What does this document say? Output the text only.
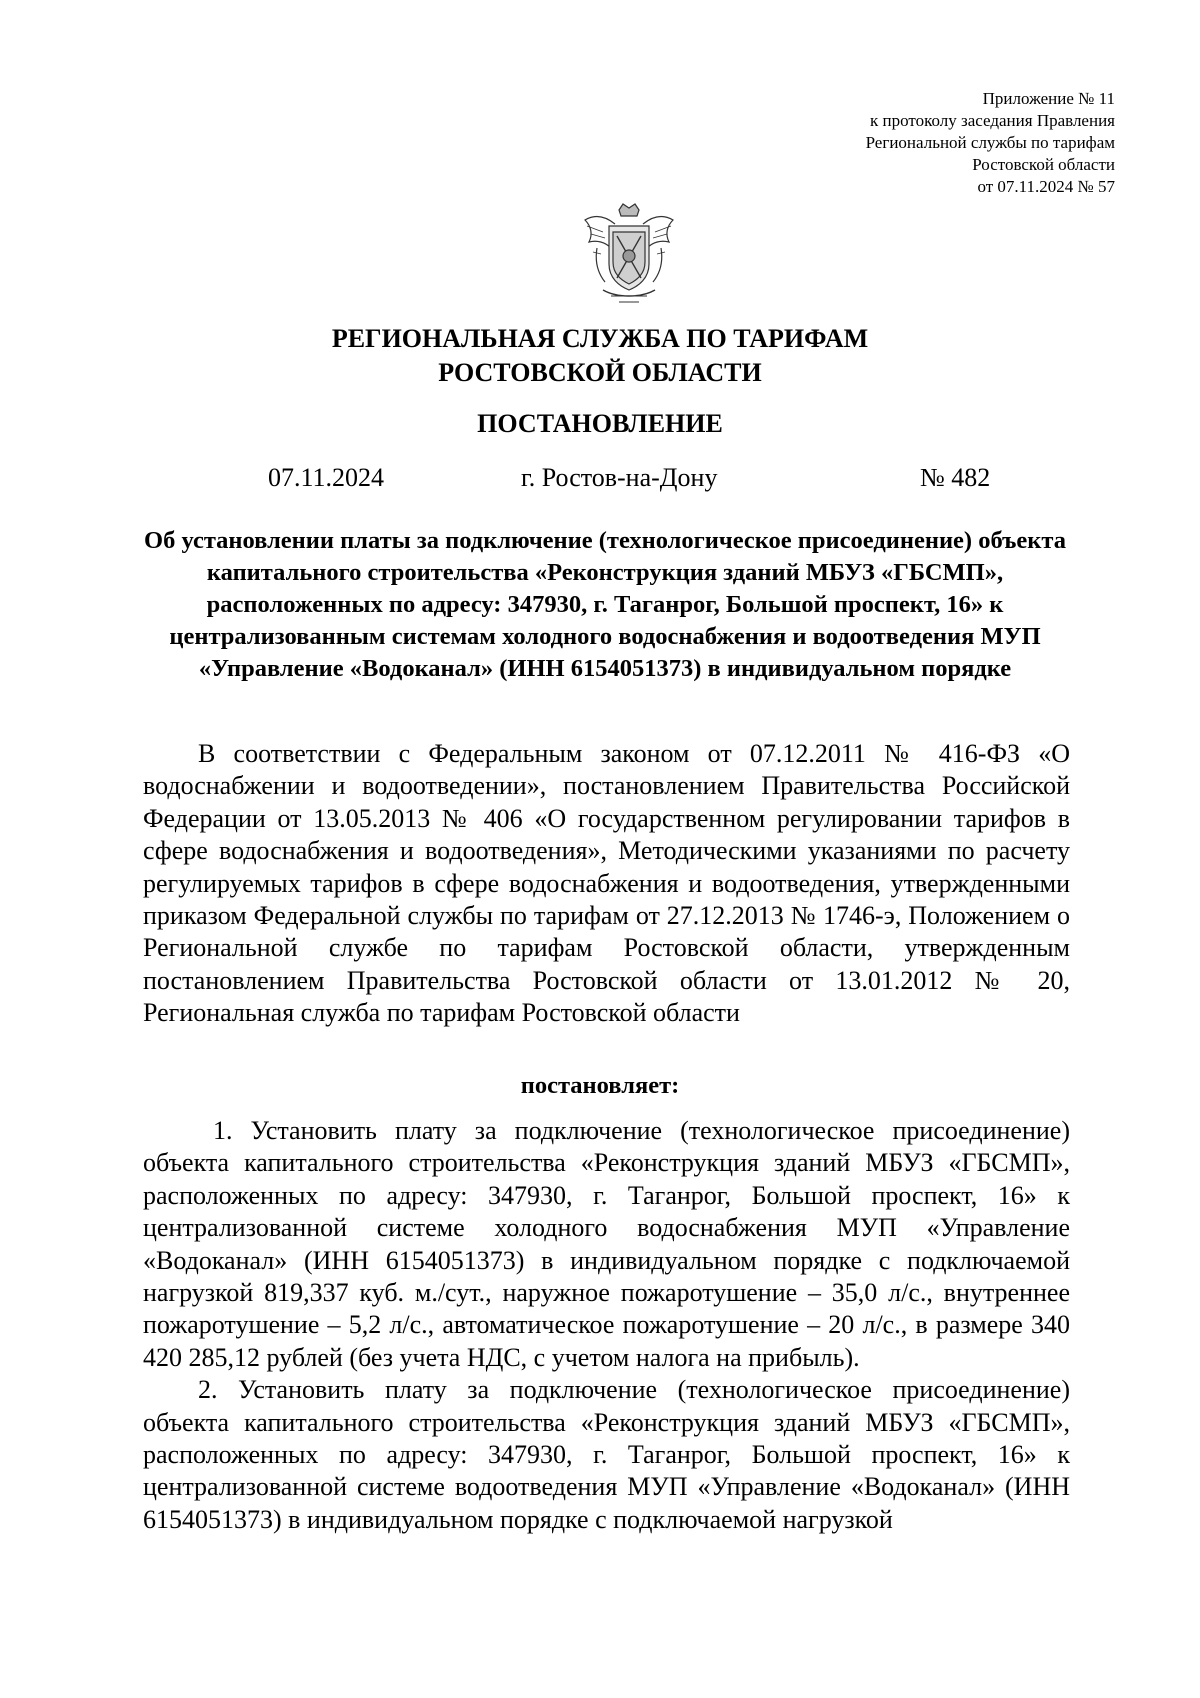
Приложение № 11
к протоколу заседания Правления
Региональной службы по тарифам
Ростовской области
от 07.11.2024 № 57
РЕГИОНАЛЬНАЯ СЛУЖБА ПО ТАРИФАМ
РОСТОВСКОЙ ОБЛАСТИ
ПОСТАНОВЛЕНИЕ
07.11.2024	г. Ростов-на-Дону	№ 482
Об установлении платы за подключение (технологическое присоединение) объекта капитального строительства «Реконструкция зданий МБУЗ «ГБСМП», расположенных по адресу: 347930, г. Таганрог, Большой проспект, 16» к централизованным системам холодного водоснабжения и водоотведения МУП «Управление «Водоканал» (ИНН 6154051373) в индивидуальном порядке

В соответствии с Федеральным законом от 07.12.2011 № 416-ФЗ «О водоснабжении и водоотведении», постановлением Правительства Российской Федерации от 13.05.2013 № 406 «О государственном регулировании тарифов в сфере водоснабжения и водоотведения», Методическими указаниями по расчету регулируемых тарифов в сфере водоснабжения и водоотведения, утвержденными приказом Федеральной службы по тарифам от 27.12.2013 № 1746-э, Положением о Региональной службе по тарифам Ростовской области, утвержденным постановлением Правительства Ростовской области от 13.01.2012 № 20, Региональная служба по тарифам Ростовской области

постановляет:

1. Установить плату за подключение (технологическое присоединение) объекта капитального строительства «Реконструкция зданий МБУЗ «ГБСМП», расположенных по адресу: 347930, г. Таганрог, Большой проспект, 16» к централизованной системе холодного водоснабжения МУП «Управление «Водоканал» (ИНН 6154051373) в индивидуальном порядке с подключаемой нагрузкой 819,337 куб. м./сут., наружное пожаротушение – 35,0 л/с., внутреннее пожаротушение – 5,2 л/с., автоматическое пожаротушение – 20 л/с., в размере 340 420 285,12 рублей (без учета НДС, с учетом налога на прибыль).

2. Установить плату за подключение (технологическое присоединение) объекта капитального строительства «Реконструкция зданий МБУЗ «ГБСМП», расположенных по адресу: 347930, г. Таганрог, Большой проспект, 16» к централизованной системе водоотведения МУП «Управление «Водоканал» (ИНН 6154051373) в индивидуальном порядке с подключаемой нагрузкой
